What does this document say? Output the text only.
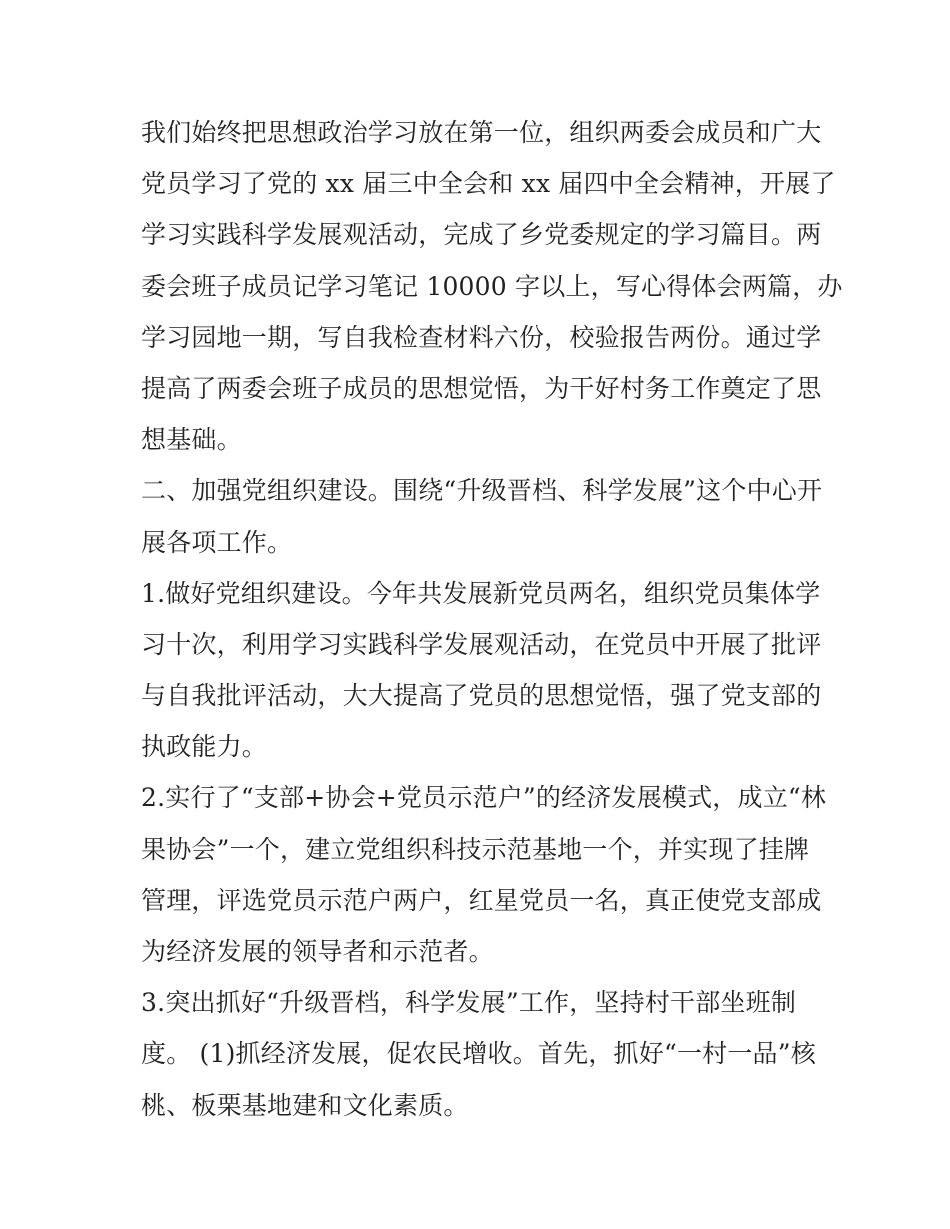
我们始终把思想政治学习放在第一位，组织两委会成员和广大
党员学习了党的 xx 届三中全会和 xx 届四中全会精神，开展了
学习实践科学发展观活动，完成了乡党委规定的学习篇目。两
委会班子成员记学习笔记 10000 字以上，写心得体会两篇，办
学习园地一期，写自我检查材料六份，校验报告两份。通过学
提高了两委会班子成员的思想觉悟，为干好村务工作奠定了思
想基础。
二、加强党组织建设。围绕“升级晋档、科学发展”这个中心开
展各项工作。
1.做好党组织建设。今年共发展新党员两名，组织党员集体学
习十次，利用学习实践科学发展观活动，在党员中开展了批评
与自我批评活动，大大提高了党员的思想觉悟，强了党支部的
执政能力。
2.实行了“支部+协会+党员示范户”的经济发展模式，成立“林
果协会”一个，建立党组织科技示范基地一个，并实现了挂牌
管理，评选党员示范户两户，红星党员一名，真正使党支部成
为经济发展的领导者和示范者。
3.突出抓好“升级晋档，科学发展”工作，坚持村干部坐班制
度。 (1)抓经济发展，促农民增收。首先，抓好“一村一品”核
桃、板栗基地建和文化素质。
